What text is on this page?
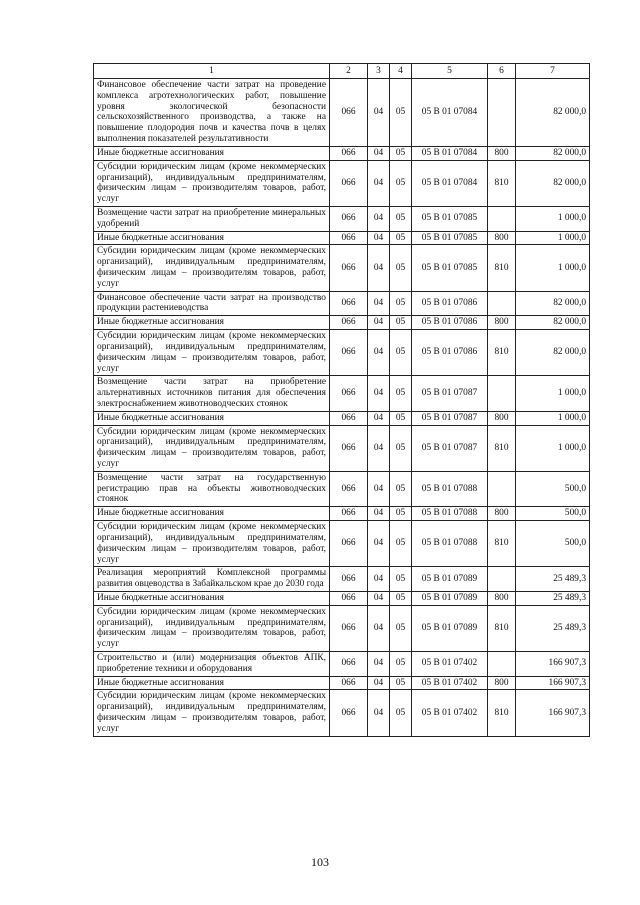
1	2	3	4	5	6	7
Финансовое обеспечение части затрат на проведение комплекса агротехнологических работ, повышение уровня экологической безопасности сельскохозяйственного производства, а также на повышение плодородия почв и качества почв в целях выполнения показателей результативности	066	04	05	05 В 01 07084		82 000,0
Иные бюджетные ассигнования	066	04	05	05 В 01 07084	800	82 000,0
Субсидии юридическим лицам (кроме некоммерческих организаций), индивидуальным предпринимателям, физическим лицам – производителям товаров, работ, услуг	066	04	05	05 В 01 07084	810	82 000,0
Возмещение части затрат на приобретение минеральных удобрений	066	04	05	05 В 01 07085		1 000,0
Иные бюджетные ассигнования	066	04	05	05 В 01 07085	800	1 000,0
Субсидии юридическим лицам (кроме некоммерческих организаций), индивидуальным предпринимателям, физическим лицам – производителям товаров, работ, услуг	066	04	05	05 В 01 07085	810	1 000,0
Финансовое обеспечение части затрат на производство продукции растениеводства	066	04	05	05 В 01 07086		82 000,0
Иные бюджетные ассигнования	066	04	05	05 В 01 07086	800	82 000,0
Субсидии юридическим лицам (кроме некоммерческих организаций), индивидуальным предпринимателям, физическим лицам – производителям товаров, работ, услуг	066	04	05	05 В 01 07086	810	82 000,0
Возмещение части затрат на приобретение альтернативных источников питания для обеспечения электроснабжением животноводческих стоянок	066	04	05	05 В 01 07087		1 000,0
Иные бюджетные ассигнования	066	04	05	05 В 01 07087	800	1 000,0
Субсидии юридическим лицам (кроме некоммерческих организаций), индивидуальным предпринимателям, физическим лицам – производителям товаров, работ, услуг	066	04	05	05 В 01 07087	810	1 000,0
Возмещение части затрат на государственную регистрацию прав на объекты животноводческих стоянок	066	04	05	05 В 01 07088		500,0
Иные бюджетные ассигнования	066	04	05	05 В 01 07088	800	500,0
Субсидии юридическим лицам (кроме некоммерческих организаций), индивидуальным предпринимателям, физическим лицам – производителям товаров, работ, услуг	066	04	05	05 В 01 07088	810	500,0
Реализация мероприятий Комплексной программы развития овцеводства в Забайкальском крае до 2030 года	066	04	05	05 В 01 07089		25 489,3
Иные бюджетные ассигнования	066	04	05	05 В 01 07089	800	25 489,3
Субсидии юридическим лицам (кроме некоммерческих организаций), индивидуальным предпринимателям, физическим лицам – производителям товаров, работ, услуг	066	04	05	05 В 01 07089	810	25 489,3
Строительство и (или) модернизация объектов АПК, приобретение техники и оборудования	066	04	05	05 В 01 07402		166 907,3
Иные бюджетные ассигнования	066	04	05	05 В 01 07402	800	166 907,3
Субсидии юридическим лицам (кроме некоммерческих организаций), индивидуальным предпринимателям, физическим лицам – производителям товаров, работ, услуг	066	04	05	05 В 01 07402	810	166 907,3
103
